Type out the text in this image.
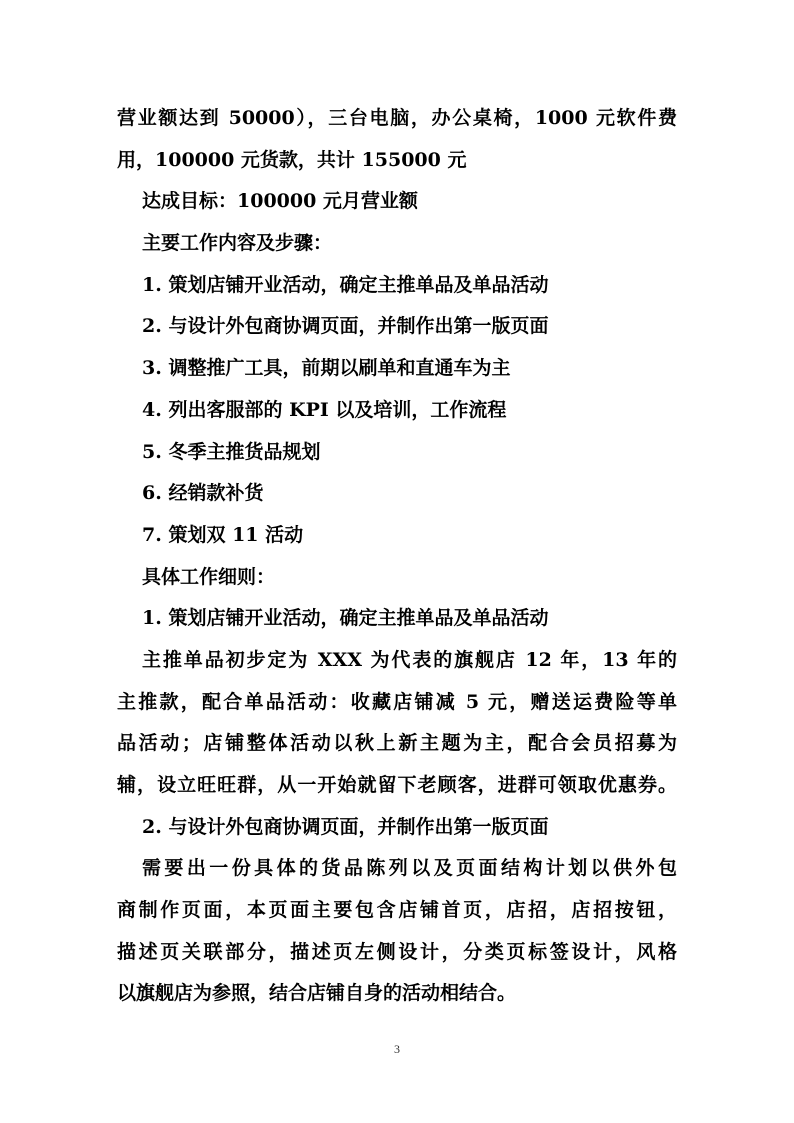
营业额达到 50000），三台电脑，办公桌椅，1000 元软件费
用，100000 元货款，共计 155000 元
达成目标：100000 元月营业额
主要工作内容及步骤：
1. 策划店铺开业活动，确定主推单品及单品活动
2. 与设计外包商协调页面，并制作出第一版页面
3. 调整推广工具，前期以刷单和直通车为主
4. 列出客服部的 KPI 以及培训，工作流程
5. 冬季主推货品规划
6. 经销款补货
7. 策划双 11 活动
具体工作细则：
1. 策划店铺开业活动，确定主推单品及单品活动
主推单品初步定为 XXX 为代表的旗舰店 12 年，13 年的
主推款，配合单品活动：收藏店铺减 5 元，赠送运费险等单
品活动；店铺整体活动以秋上新主题为主，配合会员招募为
辅，设立旺旺群，从一开始就留下老顾客，进群可领取优惠券。
2. 与设计外包商协调页面，并制作出第一版页面
需要出一份具体的货品陈列以及页面结构计划以供外包
商制作页面，本页面主要包含店铺首页，店招，店招按钮，
描述页关联部分，描述页左侧设计，分类页标签设计，风格
以旗舰店为参照，结合店铺自身的活动相结合。
3
